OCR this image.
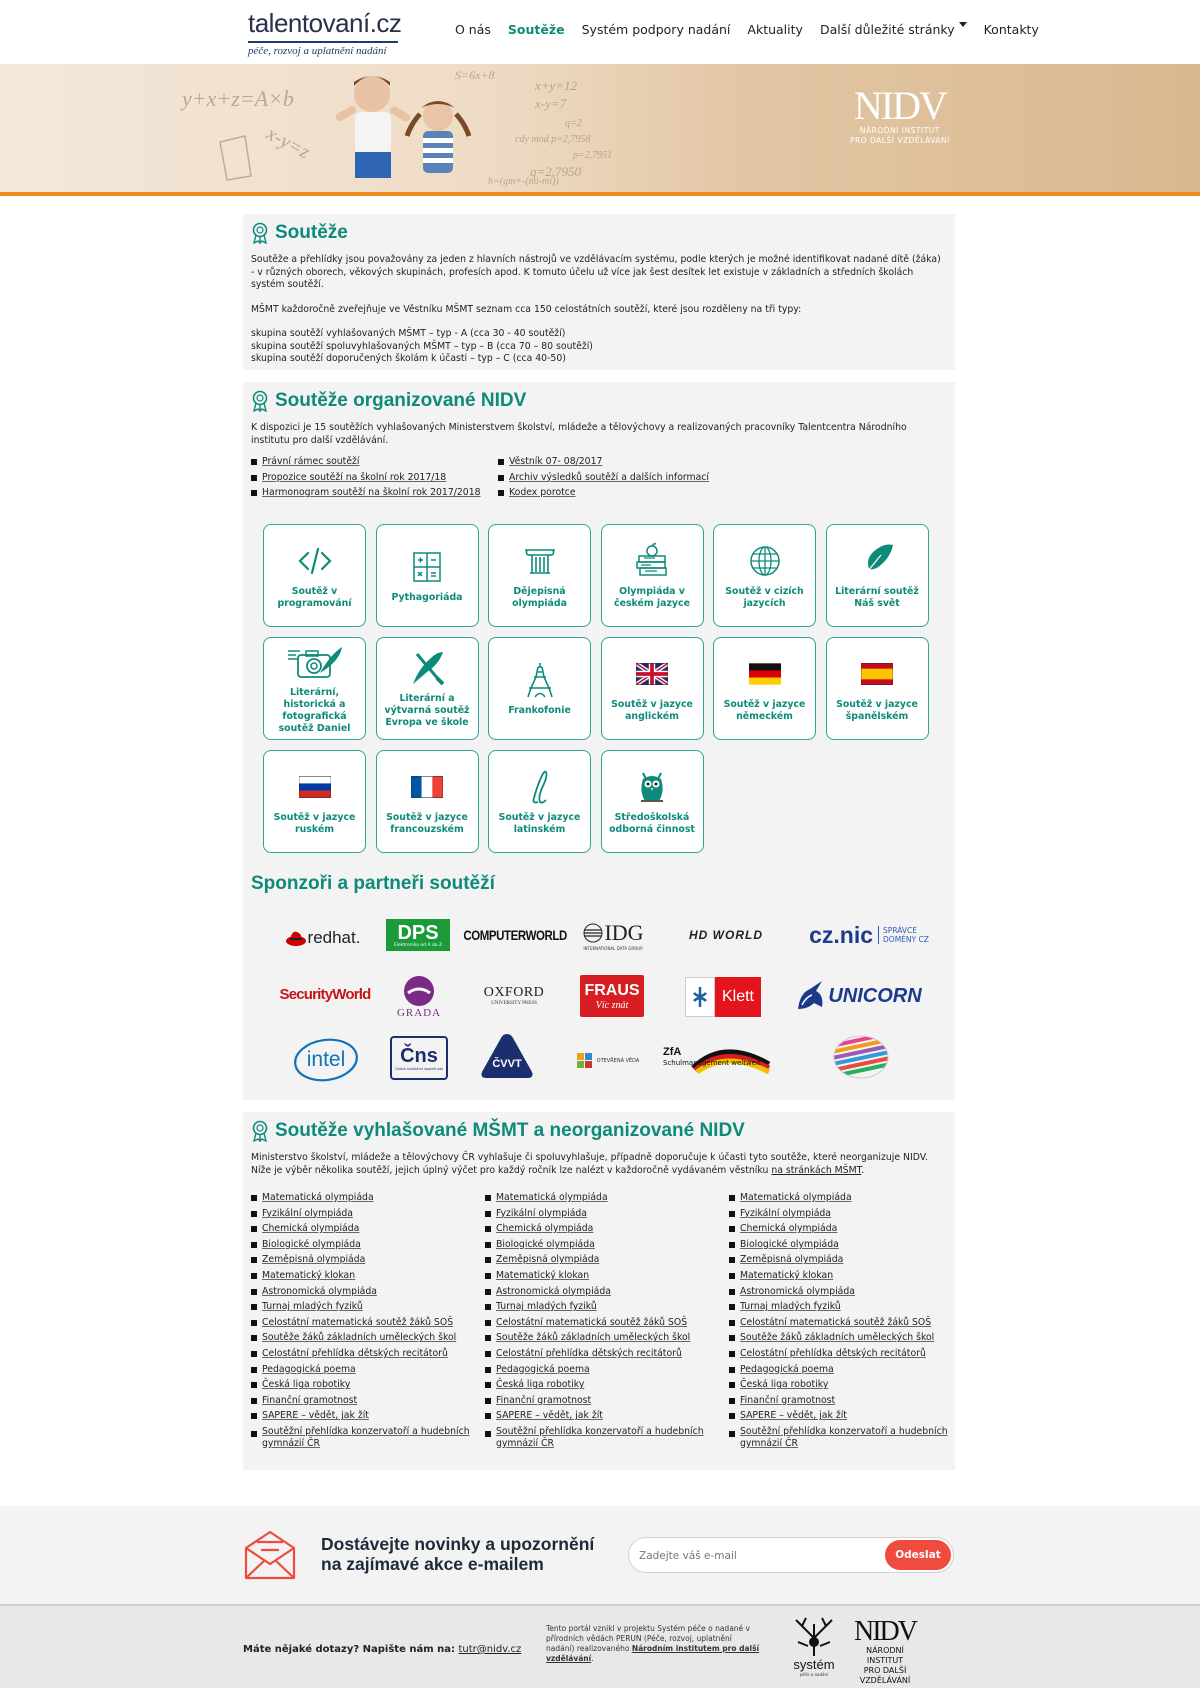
talentovaní.cz
péče, rozvoj a uplatnění nadání
O nás Soutěže Systém podpory nadání Aktuality Další důležité stránky Kontakty
y+x+z=A×b
x-y=z
S=6x+8
x+y=12
x-y=7
q=2
cdy mod p=2,7958
p=2,7951
q=2,7950
h=(gm+-(mi-mi))
NIDV
NÁRODNÍ INSTITUT
PRO DALŠÍ VZDĚLÁVÁNÍ
Soutěže

Soutěže a přehlídky jsou považovány za jeden z hlavních nástrojů ve vzdělávacím systému, podle kterých je možné identifikovat nadané dítě (žáka) - v různých oborech, věkových skupinách, profesích apod. K tomuto účelu už více jak šest desítek let existuje v základních a středních školách systém soutěží.

MŠMT každoročně zveřejňuje ve Věstníku MŠMT seznam cca 150 celostátních soutěží, které jsou rozděleny na tři typy:

skupina soutěží vyhlašovaných MŠMT – typ - A (cca 30 - 40 soutěží)
skupina soutěží spoluvyhlašovaných MŠMT – typ – B (cca 70 – 80 soutěží)
skupina soutěží doporučených školám k účasti – typ – C (cca 40-50)
Soutěže organizované NIDV

K dispozici je 15 soutěžích vyhlašovaných Ministerstvem školství, mládeže a tělovýchovy a realizovaných pracovníky Talentcentra Národního institutu pro další vzdělávání.

Právní rámec soutěží
Propozice soutěží na školní rok 2017/18
Harmonogram soutěží na školní rok 2017/2018
Věstník 07- 08/2017
Archiv výsledků soutěží a dalších informací
Kodex porotce
Soutěž v programování
Pythagoriáda
Dějepisná olympiáda
Olympiáda v českém jazyce
Soutěž v cizích jazycích
Literární soutěž Náš svět
Literární, historická a fotografická soutěž Daniel
Literární a výtvarná soutěž Evropa ve škole
Frankofonie
Soutěž v jazyce anglickém
Soutěž v jazyce německém
Soutěž v jazyce španělském
Soutěž v jazyce ruském
Soutěž v jazyce francouzském
Soutěž v jazyce latinském
Středoškolská odborná činnost
Sponzoři a partneři soutěží
redhat. DPS
Elektronika od A do Z
COMPUTERWORLD IDG
INTERNATIONAL DATA GROUP
HD WORLD cz.nic SPRÁVCE
DOMÉNY CZ
SecurityWorld
GRADA
OXFORD
UNIVERSITY PRESS
FRAUS
Víc znát	Klett	UNICORN
intel	Čns
Česká nukleární společnost	ČVVT	OTEVŘENÁ VĚDA
ZfA
Schulmanagement weltweit
Soutěže vyhlašované MŠMT a neorganizované NIDV

Ministerstvo školství, mládeže a tělovýchovy ČR vyhlašuje či spoluvyhlašuje, případně doporučuje k účasti tyto soutěže, které neorganizuje NIDV. Níže je výběr několika soutěží, jejich úplný výčet pro každý ročník lze nalézt v každoročně vydávaném věstníku na stránkách MŠMT.

Matematická olympiáda
Fyzikální olympiáda
Chemická olympiáda
Biologické olympiáda
Zeměpisná olympiáda
Matematický klokan
Astronomická olympiáda
Turnaj mladých fyziků
Celostátní matematická soutěž žáků SOŠ
Soutěže žáků základních uměleckých škol
Celostátní přehlídka dětských recitátorů
Pedagogická poema
Česká liga robotiky
Finanční gramotnost
SAPERE – vědět, jak žít
Soutěžní přehlídka konzervatoří a hudebních gymnázií ČR
Matematická olympiáda
Fyzikální olympiáda
Chemická olympiáda
Biologické olympiáda
Zeměpisná olympiáda
Matematický klokan
Astronomická olympiáda
Turnaj mladých fyziků
Celostátní matematická soutěž žáků SOŠ
Soutěže žáků základních uměleckých škol
Celostátní přehlídka dětských recitátorů
Pedagogická poema
Česká liga robotiky
Finanční gramotnost
SAPERE – vědět, jak žít
Soutěžní přehlídka konzervatoří a hudebních gymnázií ČR
Matematická olympiáda
Fyzikální olympiáda
Chemická olympiáda
Biologické olympiáda
Zeměpisná olympiáda
Matematický klokan
Astronomická olympiáda
Turnaj mladých fyziků
Celostátní matematická soutěž žáků SOŠ
Soutěže žáků základních uměleckých škol
Celostátní přehlídka dětských recitátorů
Pedagogická poema
Česká liga robotiky
Finanční gramotnost
SAPERE – vědět, jak žít
Soutěžní přehlídka konzervatoří a hudebních gymnázií ČR
Dostávejte novinky a upozornění
na zajímavé akce e-mailem
Zadejte váš e-mail	Odeslat
Máte nějaké dotazy? Napište nám na: tutr@nidv.cz
Tento portál vznikl v projektu Systém péče o nadané v přírodních vědách PERUN (Péče, rozvoj, uplatnění nadání) realizovaného Národním institutem pro další vzdělávání.	systém
péče o nadání
NIDV
NÁRODNÍ INSTITUT
PRO DALŠÍ
VZDĚLÁVÁNÍ
